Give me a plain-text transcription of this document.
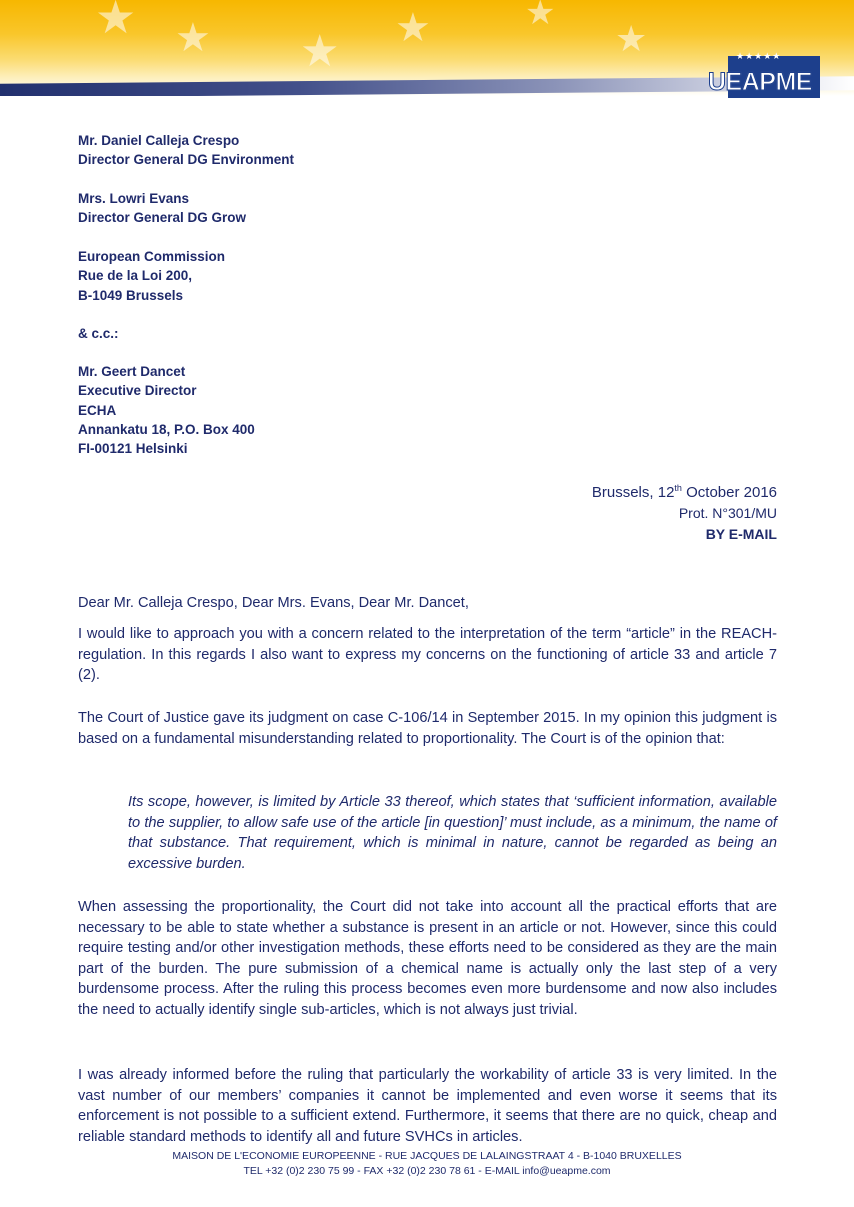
★ ★ ★ ★	★
★	★★★★★
UEAPME
Mr. Daniel Calleja Crespo
Director General DG Environment
Mrs. Lowri Evans
Director General DG Grow
European Commission
Rue de la Loi 200,
B-1049 Brussels
& c.c.:
Mr. Geert Dancet
Executive Director
ECHA
Annankatu 18, P.O. Box 400
FI-00121 Helsinki
Brussels, 12th October 2016
Prot. N°301/MU
BY E-MAIL

Dear Mr. Calleja Crespo, Dear Mrs. Evans, Dear Mr. Dancet,

I would like to approach you with a concern related to the interpretation of the term “article” in the REACH-regulation. In this regards I also want to express my concerns on the functioning of article 33 and article 7 (2).

The Court of Justice gave its judgment on case C-106/14 in September 2015. In my opinion this judgment is based on a fundamental misunderstanding related to proportionality. The Court is of the opinion that:

Its scope, however, is limited by Article 33 thereof, which states that ‘sufficient information, available to the supplier, to allow safe use of the article [in question]’ must include, as a minimum, the name of that substance. That requirement, which is minimal in nature, cannot be regarded as being an excessive burden.

When assessing the proportionality, the Court did not take into account all the practical efforts that are necessary to be able to state whether a substance is present in an article or not. However, since this could require testing and/or other investigation methods, these efforts need to be considered as they are the main part of the burden. The pure submission of a chemical name is actually only the last step of a very burdensome process. After the ruling this process becomes even more burdensome and now also includes the need to actually identify single sub-articles, which is not always just trivial.

I was already informed before the ruling that particularly the workability of article 33 is very limited. In the vast number of our members’ companies it cannot be implemented and even worse it seems that its enforcement is not possible to a sufficient extend. Furthermore, it seems that there are no quick, cheap and reliable standard methods to identify all and future SVHCs in articles.

MAISON DE L'ECONOMIE EUROPEENNE - RUE JACQUES DE LALAINGSTRAAT 4 - B-1040 BRUXELLES
TEL +32 (0)2 230 75 99 - FAX +32 (0)2 230 78 61 - E-MAIL info@ueapme.com
